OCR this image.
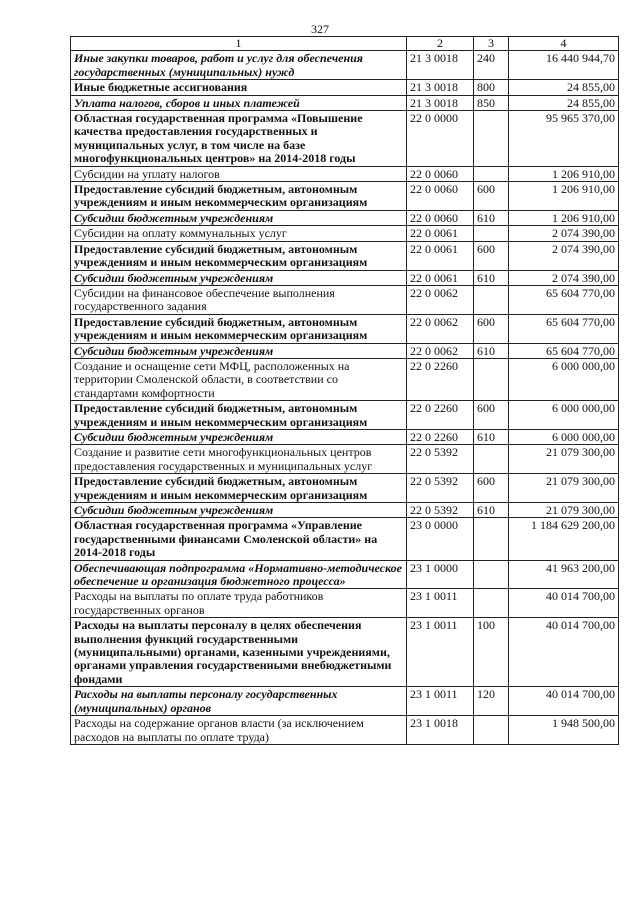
327
1	2	3	4
Иные закупки товаров, работ и услуг для обеспечения государственных (муниципальных) нужд	21 3 0018	240	16 440 944,70
Иные бюджетные ассигнования	21 3 0018	800	24 855,00
Уплата налогов, сборов и иных платежей	21 3 0018	850	24 855,00
Областная государственная программа «Повышение качества предоставления государственных и муниципальных услуг, в том числе на базе многофункциональных центров» на 2014-2018 годы	22 0 0000		95 965 370,00
Субсидии на уплату налогов	22 0 0060		1 206 910,00
Предоставление субсидий бюджетным, автономным учреждениям и иным некоммерческим организациям	22 0 0060	600	1 206 910,00
Субсидии бюджетным учреждениям	22 0 0060	610	1 206 910,00
Субсидии на оплату коммунальных услуг	22 0 0061		2 074 390,00
Предоставление субсидий бюджетным, автономным учреждениям и иным некоммерческим организациям	22 0 0061	600	2 074 390,00
Субсидии бюджетным учреждениям	22 0 0061	610	2 074 390,00
Субсидии на финансовое обеспечение выполнения государственного задания	22 0 0062		65 604 770,00
Предоставление субсидий бюджетным, автономным учреждениям и иным некоммерческим организациям	22 0 0062	600	65 604 770,00
Субсидии бюджетным учреждениям	22 0 0062	610	65 604 770,00
Создание и оснащение сети МФЦ, расположенных на территории Смоленской области, в соответствии со стандартами комфортности	22 0 2260		6 000 000,00
Предоставление субсидий бюджетным, автономным учреждениям и иным некоммерческим организациям	22 0 2260	600	6 000 000,00
Субсидии бюджетным учреждениям	22 0 2260	610	6 000 000,00
Создание и развитие сети многофункциональных центров предоставления государственных и муниципальных услуг	22 0 5392		21 079 300,00
Предоставление субсидий бюджетным, автономным учреждениям и иным некоммерческим организациям	22 0 5392	600	21 079 300,00
Субсидии бюджетным учреждениям	22 0 5392	610	21 079 300,00
Областная государственная программа «Управление государственными финансами Смоленской области» на 2014-2018 годы	23 0 0000		1 184 629 200,00
Обеспечивающая подпрограмма «Нормативно-методическое обеспечение и организация бюджетного процесса»	23 1 0000		41 963 200,00
Расходы на выплаты по оплате труда работников государственных органов	23 1 0011		40 014 700,00
Расходы на выплаты персоналу в целях обеспечения выполнения функций государственными (муниципальными) органами, казенными учреждениями, органами управления государственными внебюджетными фондами	23 1 0011	100	40 014 700,00
Расходы на выплаты персоналу государственных (муниципальных) органов	23 1 0011	120	40 014 700,00
Расходы на содержание органов власти (за исключением расходов на выплаты по оплате труда)	23 1 0018		1 948 500,00
